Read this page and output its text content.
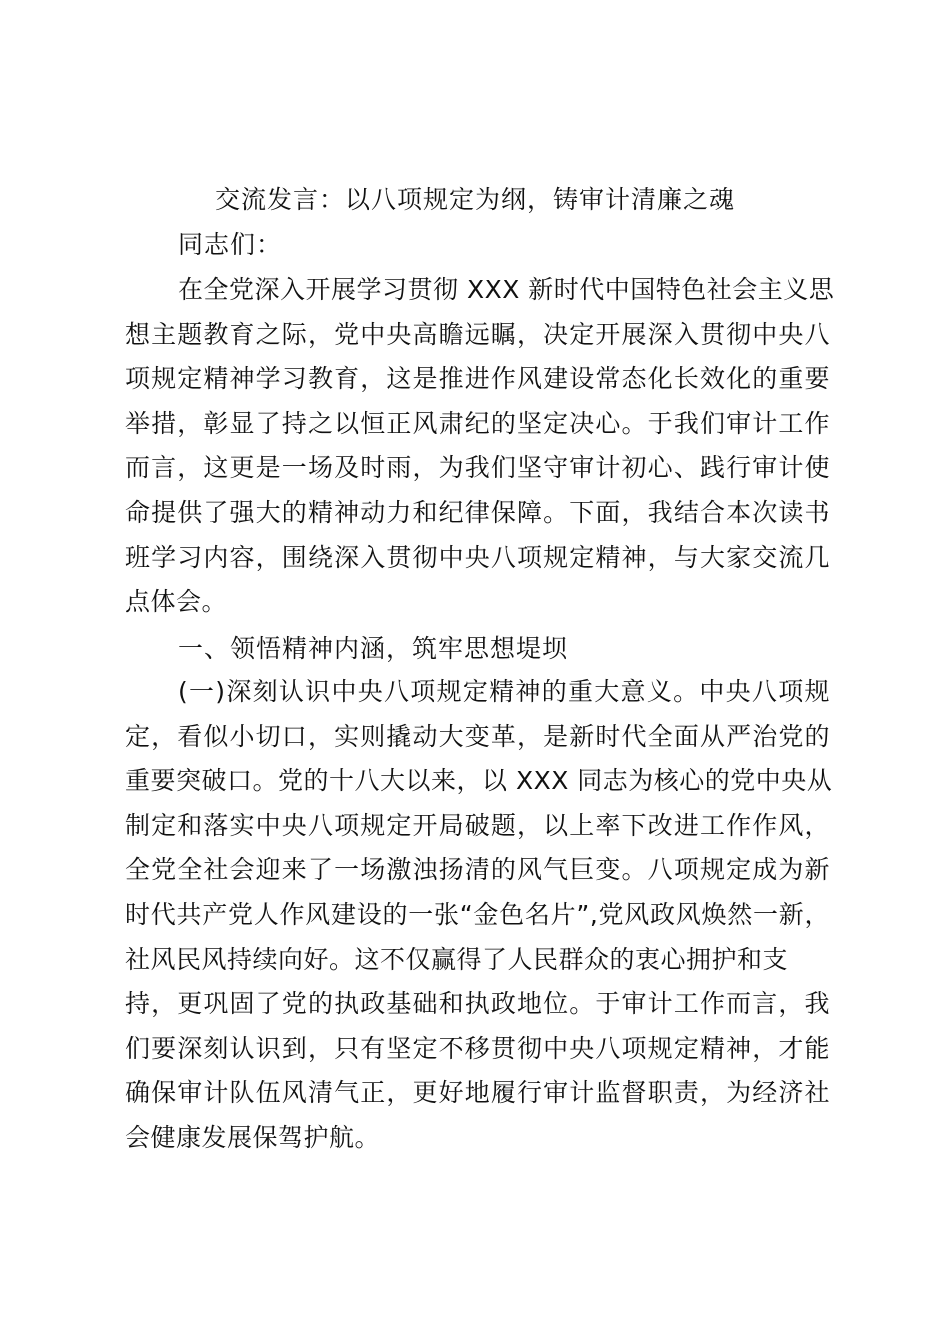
交流发言：以八项规定为纲，铸审计清廉之魂
同志们：
在全党深入开展学习贯彻 XXX 新时代中国特色社会主义思
想主题教育之际，党中央高瞻远瞩，决定开展深入贯彻中央八
项规定精神学习教育，这是推进作风建设常态化长效化的重要
举措，彰显了持之以恒正风肃纪的坚定决心。于我们审计工作
而言，这更是一场及时雨，为我们坚守审计初心、践行审计使
命提供了强大的精神动力和纪律保障。下面，我结合本次读书
班学习内容，围绕深入贯彻中央八项规定精神，与大家交流几
点体会。
一、领悟精神内涵，筑牢思想堤坝
(一)深刻认识中央八项规定精神的重大意义。中央八项规
定，看似小切口，实则撬动大变革，是新时代全面从严治党的
重要突破口。党的十八大以来，以 XXX 同志为核心的党中央从
制定和落实中央八项规定开局破题，以上率下改进工作作风，
全党全社会迎来了一场激浊扬清的风气巨变。八项规定成为新
时代共产党人作风建设的一张“金色名片”,党风政风焕然一新，
社风民风持续向好。这不仅赢得了人民群众的衷心拥护和支
持，更巩固了党的执政基础和执政地位。于审计工作而言，我
们要深刻认识到，只有坚定不移贯彻中央八项规定精神，才能
确保审计队伍风清气正，更好地履行审计监督职责，为经济社
会健康发展保驾护航。
